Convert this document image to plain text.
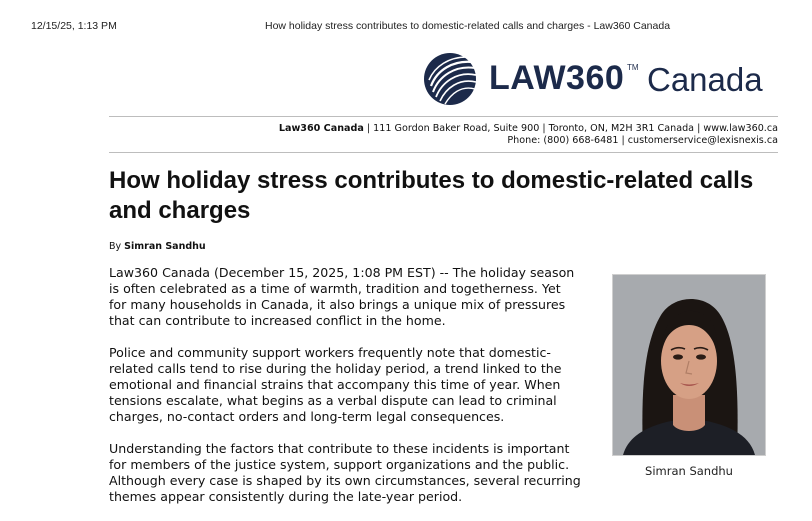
12/15/25, 1:13 PM	How holiday stress contributes to domestic-related calls and charges - Law360 Canada
LAW360 TM Canada
Law360 Canada | 111 Gordon Baker Road, Suite 900 | Toronto, ON, M2H 3R1 Canada | www.law360.ca
Phone: (800) 668-6481 | customerservice@lexisnexis.ca
How holiday stress contributes to domestic-related calls and charges
By Simran Sandhu

Law360 Canada (December 15, 2025, 1:08 PM EST) -- The holiday season
is often celebrated as a time of warmth, tradition and togetherness. Yet
for many households in Canada, it also brings a unique mix of pressures
that can contribute to increased conflict in the home.

Police and community support workers frequently note that domestic-
related calls tend to rise during the holiday period, a trend linked to the
emotional and financial strains that accompany this time of year. When
tensions escalate, what begins as a verbal dispute can lead to criminal
charges, no-contact orders and long-term legal consequences.

Understanding the factors that contribute to these incidents is important
for members of the justice system, support organizations and the public.
Although every case is shaped by its own circumstances, several recurring
themes appear consistently during the late-year period.

Simran Sandhu
